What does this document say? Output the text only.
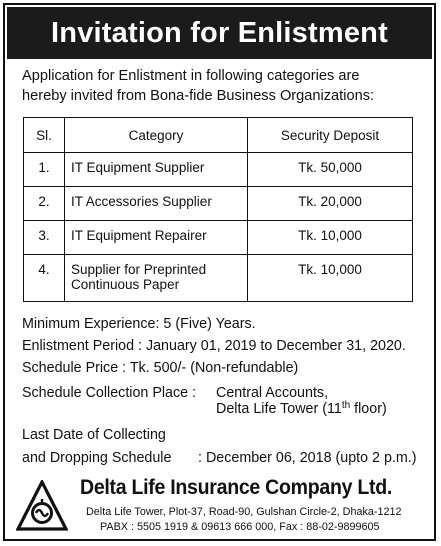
Invitation for Enlistment
Application for Enlistment in following categories are
hereby invited from Bona-fide Business Organizations:
Sl.	Category	Security Deposit
1.	IT Equipment Supplier	Tk. 50,000
2.	IT Accessories Supplier	Tk. 20,000
3.	IT Equipment Repairer	Tk. 10,000
4.	Supplier for Preprinted
Continuous Paper	Tk. 10,000
Minimum Experience: 5 (Five) Years.
Enlistment Period : January 01, 2019 to December 31, 2020.
Schedule Price : Tk. 500/- (Non-refundable)
Schedule Collection Place : Central Accounts,
Delta Life Tower (11th floor)
Last Date of Collecting
and Dropping Schedule : December 06, 2018 (upto 2 p.m.)
Delta Life Insurance Company Ltd.
Delta Life Tower, Plot-37, Road-90, Gulshan Circle-2, Dhaka-1212
PABX : 5505 1919 & 09613 666 000, Fax : 88-02-9899605
